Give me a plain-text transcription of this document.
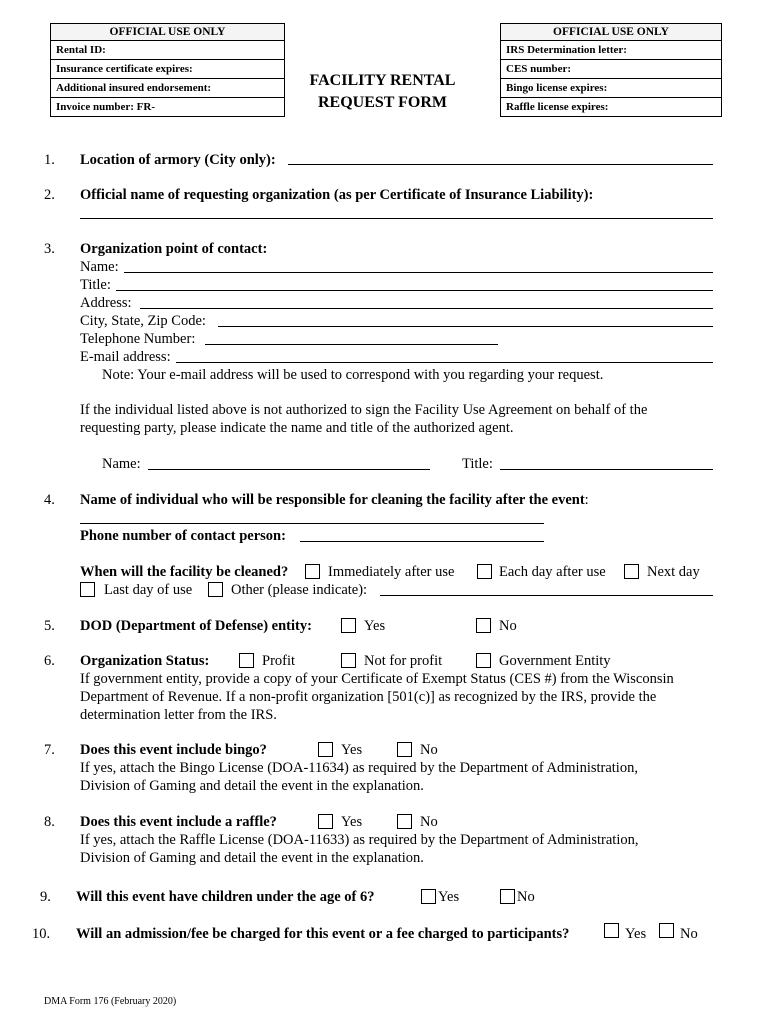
OFFICIAL USE ONLY
Rental ID:
Insurance certificate expires:
Additional insured endorsement:
Invoice number: FR-
OFFICIAL USE ONLY
IRS Determination letter:
CES number:
Bingo license expires:
Raffle license expires:
FACILITY RENTAL
REQUEST FORM
1. Location of armory (City only):
2. Official name of requesting organization (as per Certificate of Insurance Liability):
3. Organization point of contact:
Name:
Title:
Address:
City, State, Zip Code:
Telephone Number:
E-mail address:
Note: Your e-mail address will be used to correspond with you regarding your request.
If the individual listed above is not authorized to sign the Facility Use Agreement on behalf of the
requesting party, please indicate the name and title of the authorized agent.
Name:	Title:
4. Name of individual who will be responsible for cleaning the facility after the event:
Phone number of contact person:
When will the facility be cleaned?	Immediately after use	Each day after use	Next day
Last day of use	Other (please indicate):
5. DOD (Department of Defense) entity:	Yes	No
6. Organization Status:	Profit	Not for profit	Government Entity
If government entity, provide a copy of your Certificate of Exempt Status (CES #) from the Wisconsin
Department of Revenue. If a non-profit organization [501(c)] as recognized by the IRS, provide the
determination letter from the IRS.
7. Does this event include bingo?	Yes	No
If yes, attach the Bingo License (DOA-11634) as required by the Department of Administration,
Division of Gaming and detail the event in the explanation.
8. Does this event include a raffle?	Yes	No
If yes, attach the Raffle License (DOA-11633) as required by the Department of Administration,
Division of Gaming and detail the event in the explanation.
9. Will this event have children under the age of 6?	Yes	No
10. Will an admission/fee be charged for this event or a fee charged to participants?	Yes No
DMA Form 176 (February 2020)
